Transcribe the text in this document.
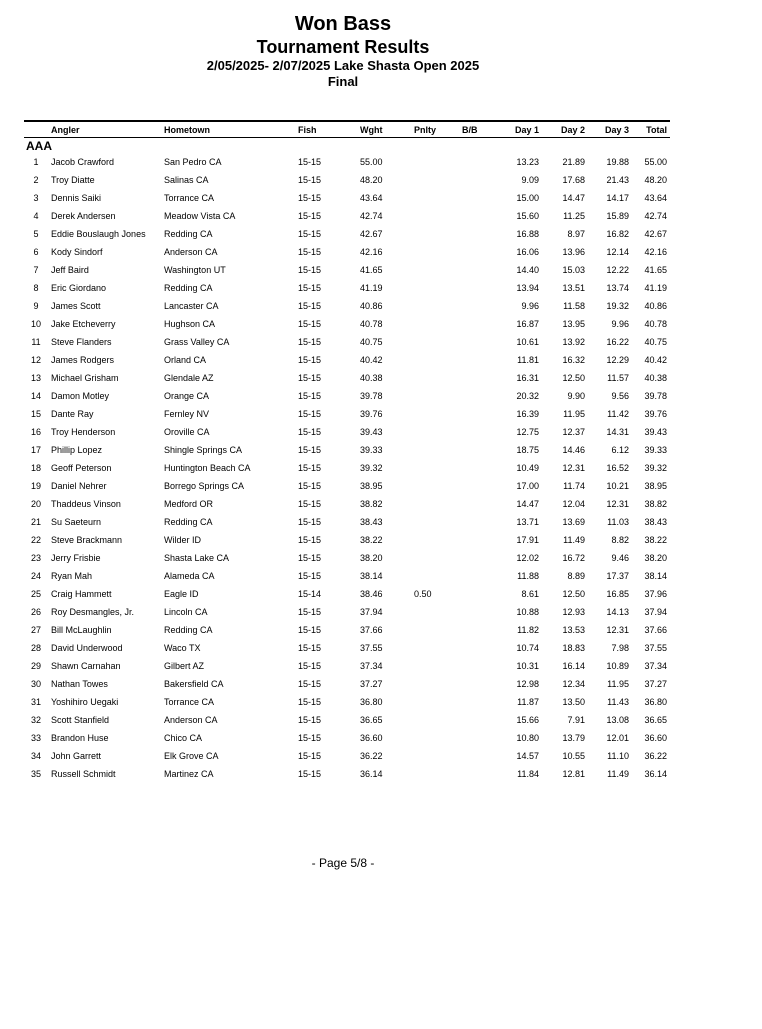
Won Bass
Tournament Results
2/05/2025- 2/07/2025 Lake Shasta Open 2025
Final
	Angler	Hometown	Fish	Wght	Pnlty	B/B	Day 1	Day 2	Day 3	Total
AAA										
1	Jacob Crawford	San Pedro CA	15-15	55.00			13.23	21.89	19.88	55.00
2	Troy Diatte	Salinas CA	15-15	48.20			9.09	17.68	21.43	48.20
3	Dennis Saiki	Torrance CA	15-15	43.64			15.00	14.47	14.17	43.64
4	Derek Andersen	Meadow Vista CA	15-15	42.74			15.60	11.25	15.89	42.74
5	Eddie Bouslaugh Jones	Redding CA	15-15	42.67			16.88	8.97	16.82	42.67
6	Kody Sindorf	Anderson CA	15-15	42.16			16.06	13.96	12.14	42.16
7	Jeff Baird	Washington UT	15-15	41.65			14.40	15.03	12.22	41.65
8	Eric Giordano	Redding CA	15-15	41.19			13.94	13.51	13.74	41.19
9	James Scott	Lancaster CA	15-15	40.86			9.96	11.58	19.32	40.86
10	Jake Etcheverry	Hughson CA	15-15	40.78			16.87	13.95	9.96	40.78
11	Steve Flanders	Grass Valley CA	15-15	40.75			10.61	13.92	16.22	40.75
12	James Rodgers	Orland CA	15-15	40.42			11.81	16.32	12.29	40.42
13	Michael Grisham	Glendale AZ	15-15	40.38			16.31	12.50	11.57	40.38
14	Damon Motley	Orange CA	15-15	39.78			20.32	9.90	9.56	39.78
15	Dante Ray	Fernley NV	15-15	39.76			16.39	11.95	11.42	39.76
16	Troy Henderson	Oroville CA	15-15	39.43			12.75	12.37	14.31	39.43
17	Phillip Lopez	Shingle Springs CA	15-15	39.33			18.75	14.46	6.12	39.33
18	Geoff Peterson	Huntington Beach CA	15-15	39.32			10.49	12.31	16.52	39.32
19	Daniel Nehrer	Borrego Springs CA	15-15	38.95			17.00	11.74	10.21	38.95
20	Thaddeus Vinson	Medford OR	15-15	38.82			14.47	12.04	12.31	38.82
21	Su Saeteurn	Redding CA	15-15	38.43			13.71	13.69	11.03	38.43
22	Steve Brackmann	Wilder ID	15-15	38.22			17.91	11.49	8.82	38.22
23	Jerry Frisbie	Shasta Lake CA	15-15	38.20			12.02	16.72	9.46	38.20
24	Ryan Mah	Alameda CA	15-15	38.14			11.88	8.89	17.37	38.14
25	Craig Hammett	Eagle ID	15-14	38.46	0.50		8.61	12.50	16.85	37.96
26	Roy Desmangles, Jr.	Lincoln CA	15-15	37.94			10.88	12.93	14.13	37.94
27	Bill McLaughlin	Redding CA	15-15	37.66			11.82	13.53	12.31	37.66
28	David Underwood	Waco TX	15-15	37.55			10.74	18.83	7.98	37.55
29	Shawn Carnahan	Gilbert AZ	15-15	37.34			10.31	16.14	10.89	37.34
30	Nathan Towes	Bakersfield CA	15-15	37.27			12.98	12.34	11.95	37.27
31	Yoshihiro Uegaki	Torrance CA	15-15	36.80			11.87	13.50	11.43	36.80
32	Scott Stanfield	Anderson CA	15-15	36.65			15.66	7.91	13.08	36.65
33	Brandon Huse	Chico CA	15-15	36.60			10.80	13.79	12.01	36.60
34	John Garrett	Elk Grove CA	15-15	36.22			14.57	10.55	11.10	36.22
35	Russell Schmidt	Martinez CA	15-15	36.14			11.84	12.81	11.49	36.14
- Page 5/8 -
